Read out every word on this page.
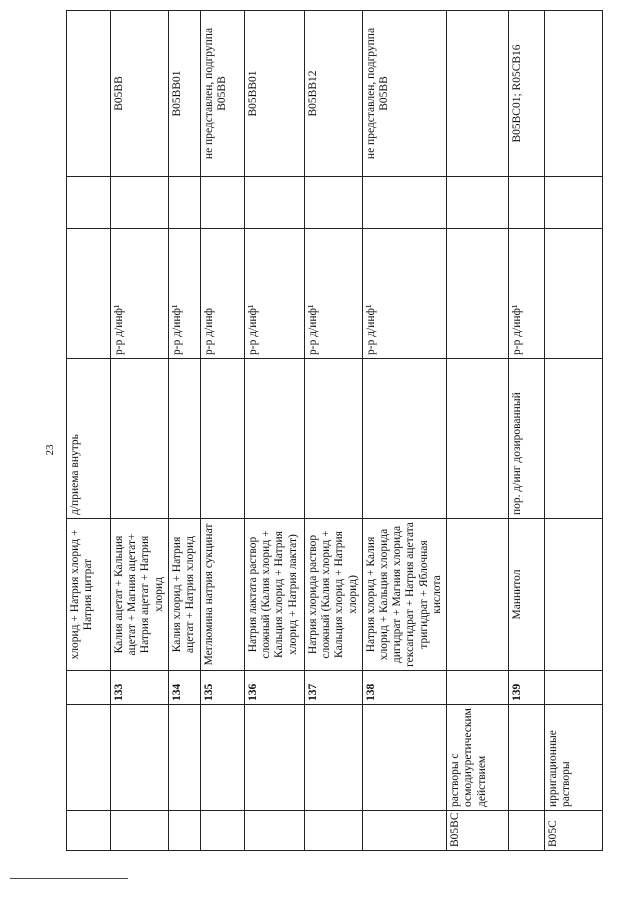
23
			хлорид + Натрия хлорид + Натрия цитрат	д/приема внутрь			
		133	Калия ацетат + Кальция ацетат + Магния ацетат+ Натрия ацетат + Натрия хлорид		р-р д/инф¹		B05BB
		134	Калия хлорид + Натрия ацетат + Натрия хлорид		р-р д/инф¹		B05BB01
		135	Меглюмина натрия сукцинат		р-р д/инф		не представлен, подгруппа B05BB
		136	Натрия лактата раствор сложный (Калия хлорид + Кальция хлорид + Натрия хлорид + Натрия лактат)		р-р д/инф¹		B05BB01
		137	Натрия хлорида раствор сложный (Калия хлорид + Кальция хлорид + Натрия хлорид)		р-р д/инф¹		B05BB12
		138	Натрия хлорид + Калия хлорид + Кальция хлорида дигидрат + Магния хлорида гексагидрат + Натрия ацетата тригидрат + Яблочная кислота		р-р д/инф¹		не представлен, подгруппа B05BB
B05BC	растворы с осмодиуретическим действием						
		139	Маннитол	пор. д/инг дозированный	р-р д/инф¹		B05BC01; R05CB16
B05C	ирригационные растворы						
